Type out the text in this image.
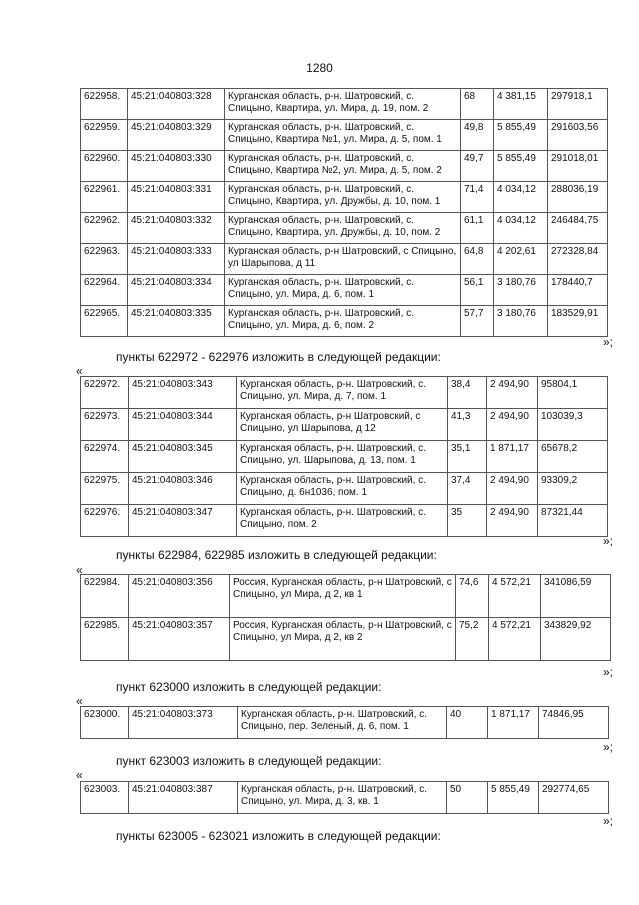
1280
622958.	45:21:040803:328	Курганская область, р-н. Шатровский, с. Спицыно, Квартира, ул. Мира, д. 19, пом. 2	68	4 381,15	297918,1
622959.	45:21:040803:329	Курганская область, р-н. Шатровский, с. Спицыно, Квартира №1, ул. Мира, д. 5, пом. 1	49,8	5 855,49	291603,56
622960.	45:21:040803:330	Курганская область, р-н. Шатровский, с. Спицыно, Квартира №2, ул. Мира, д. 5, пом. 2	49,7	5 855,49	291018,01
622961.	45:21:040803:331	Курганская область, р-н. Шатровский, с. Спицыно, Квартира, ул. Дружбы, д. 10, пом. 1	71,4	4 034,12	288036,19
622962.	45:21:040803:332	Курганская область, р-н. Шатровский, с. Спицыно, Квартира, ул. Дружбы, д. 10, пом. 2	61,1	4 034,12	246484,75
622963.	45:21:040803:333	Курганская область, р-н Шатровский, с Спицыно, ул Шарыпова, д 11	64,8	4 202,61	272328,84
622964.	45:21:040803:334	Курганская область, р-н. Шатровский, с. Спицыно, ул. Мира, д. 6, пом. 1	56,1	3 180,76	178440,7
622965.	45:21:040803:335	Курганская область, р-н. Шатровский, с. Спицыно, ул. Мира, д. 6, пом. 2	57,7	3 180,76	183529,91
»;
пункты 622972 - 622976 изложить в следующей редакции:
«
622972.	45:21:040803:343	Курганская область, р-н. Шатровский, с. Спицыно, ул. Мира, д. 7, пом. 1	38,4	2 494,90	95804,1
622973.	45:21:040803:344	Курганская область, р-н Шатровский, с Спицыно, ул Шарыпова, д 12	41,3	2 494,90	103039,3
622974.	45:21:040803:345	Курганская область, р-н. Шатровский, с. Спицыно, ул. Шарыпова, д. 13, пом. 1	35,1	1 871,17	65678,2
622975.	45:21:040803:346	Курганская область, р-н. Шатровский, с. Спицыно, д. 6н1036, пом. 1	37,4	2 494,90	93309,2
622976.	45:21:040803:347	Курганская область, р-н. Шатровский, с. Спицыно, пом. 2	35	2 494,90	87321,44
»;
пункты 622984, 622985 изложить в следующей редакции:
«
622984.	45:21:040803:356	Россия, Курганская область, р-н Шатровский, с Спицыно, ул Мира, д 2, кв 1	74,6	4 572,21	341086,59
622985.	45:21:040803:357	Россия, Курганская область, р-н Шатровский, с Спицыно, ул Мира, д 2, кв 2	75,2	4 572,21	343829,92
»;
пункт 623000 изложить в следующей редакции:
«
623000.	45:21:040803:373	Курганская область, р-н. Шатровский, с. Спицыно, пер. Зеленый, д. 6, пом. 1	40	1 871,17	74846,95
»;
пункт 623003 изложить в следующей редакции:
«
623003.	45:21:040803:387	Курганская область, р-н. Шатровский, с. Спицыно, ул. Мира, д. 3, кв. 1	50	5 855,49	292774,65
»;
пункты 623005 - 623021 изложить в следующей редакции:
